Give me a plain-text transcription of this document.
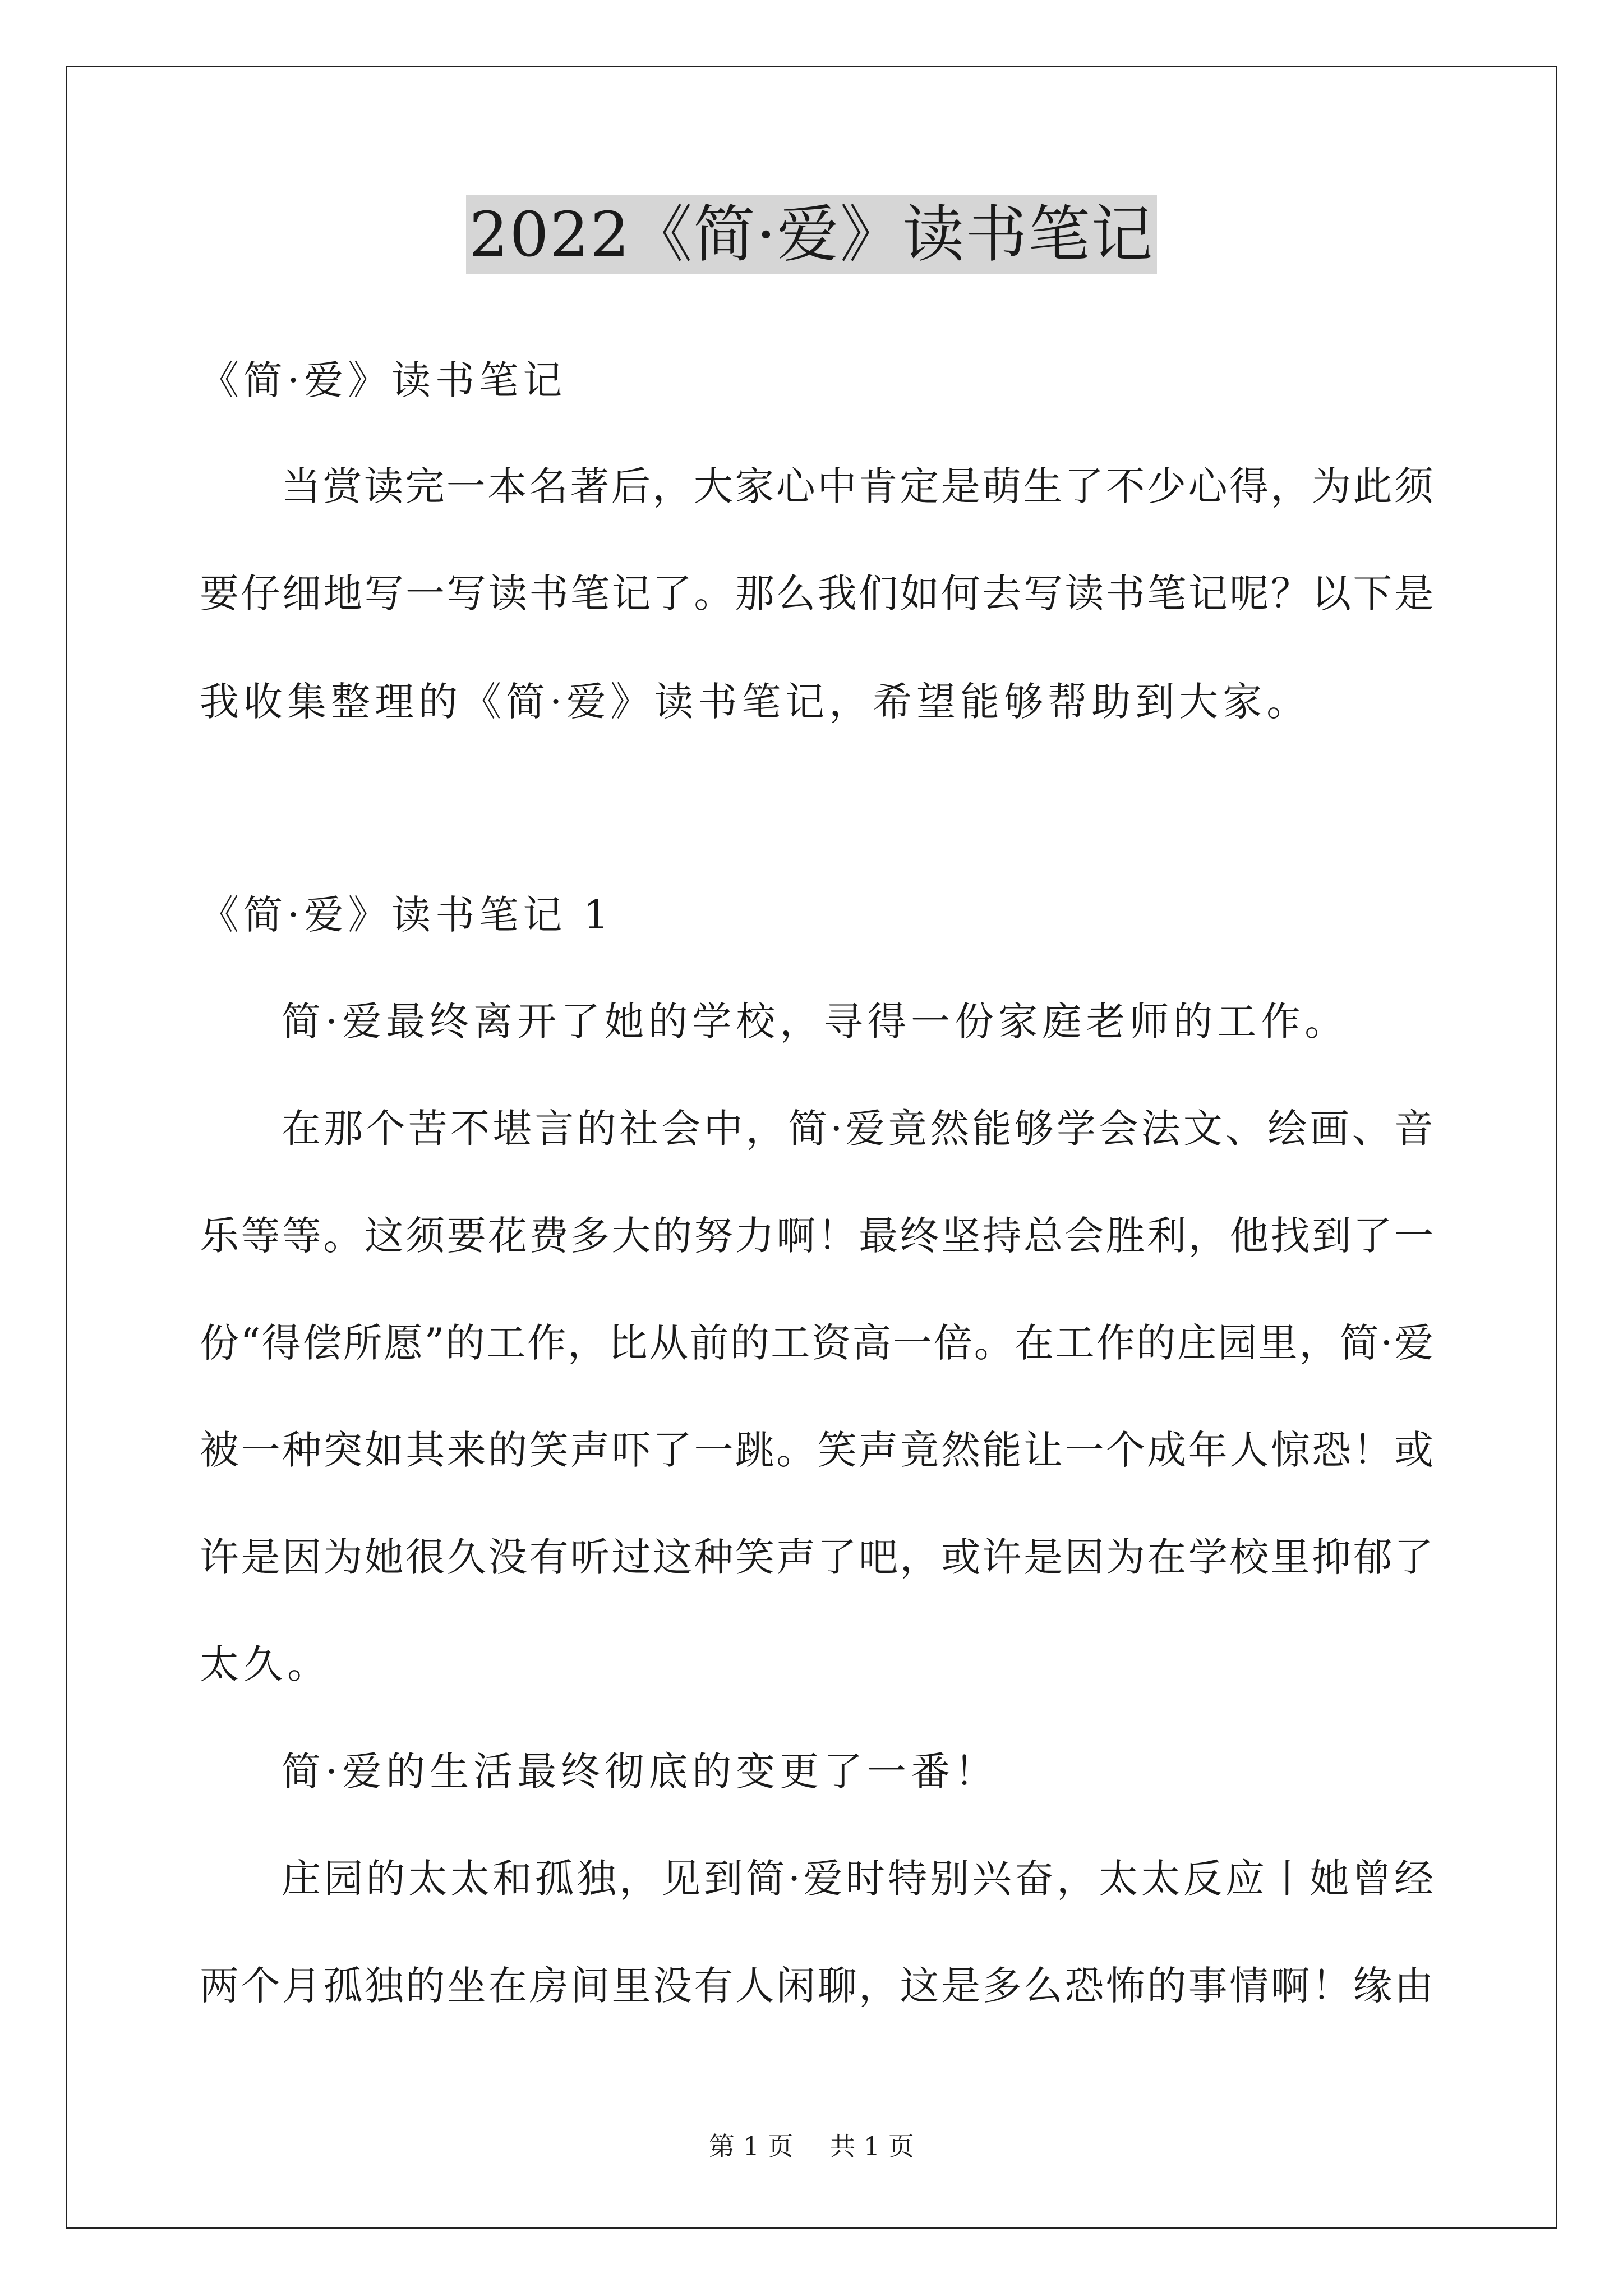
2022《简·爱》读书笔记
《简·爱》读书笔记
当赏读完一本名著后，大家心中肯定是萌生了不少心得，为此须
要仔细地写一写读书笔记了。那么我们如何去写读书笔记呢？以下是
我收集整理的《简·爱》读书笔记，希望能够帮助到大家。
《简·爱》读书笔记 1
简·爱最终离开了她的学校，寻得一份家庭老师的工作。
在那个苦不堪言的社会中，简·爱竟然能够学会法文、绘画、音
乐等等。这须要花费多大的努力啊！最终坚持总会胜利，他找到了一
份“得偿所愿”的工作，比从前的工资高一倍。在工作的庄园里，简·爱
被一种突如其来的笑声吓了一跳。笑声竟然能让一个成年人惊恐！或
许是因为她很久没有听过这种笑声了吧，或许是因为在学校里抑郁了
太久。
简·爱的生活最终彻底的变更了一番！
庄园的太太和孤独，见到简·爱时特别兴奋，太太反应丨她曾经
两个月孤独的坐在房间里没有人闲聊，这是多么恐怖的事情啊！缘由
第 1 页 共 1 页
